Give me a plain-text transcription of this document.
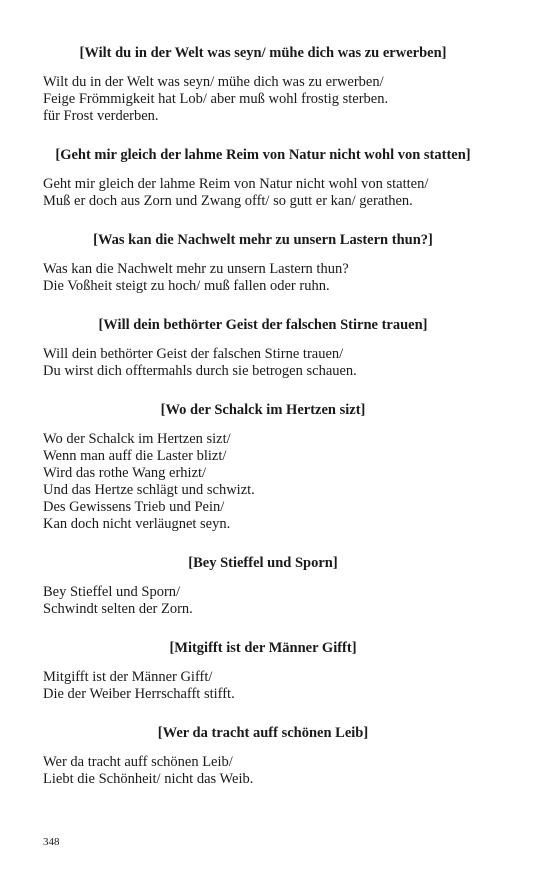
[Wilt du in der Welt was seyn/ mühe dich was zu erwerben]
Wilt du in der Welt was seyn/ mühe dich was zu erwerben/
Feige Frömmigkeit hat Lob/ aber muß wohl frostig sterben.
für Frost verderben.
[Geht mir gleich der lahme Reim von Natur nicht wohl von statten]
Geht mir gleich der lahme Reim von Natur nicht wohl von statten/
Muß er doch aus Zorn und Zwang offt/ so gutt er kan/ gerathen.
[Was kan die Nachwelt mehr zu unsern Lastern thun?]
Was kan die Nachwelt mehr zu unsern Lastern thun?
Die Voßheit steigt zu hoch/ muß fallen oder ruhn.
[Will dein bethörter Geist der falschen Stirne trauen]
Will dein bethörter Geist der falschen Stirne trauen/
Du wirst dich offtermahls durch sie betrogen schauen.
[Wo der Schalck im Hertzen sizt]
Wo der Schalck im Hertzen sizt/
Wenn man auff die Laster blizt/
Wird das rothe Wang erhizt/
Und das Hertze schlägt und schwizt.
Des Gewissens Trieb und Pein/
Kan doch nicht verläugnet seyn.
[Bey Stieffel und Sporn]
Bey Stieffel und Sporn/
Schwindt selten der Zorn.
[Mitgifft ist der Männer Gifft]
Mitgifft ist der Männer Gifft/
Die der Weiber Herrschafft stifft.
[Wer da tracht auff schönen Leib]
Wer da tracht auff schönen Leib/
Liebt die Schönheit/ nicht das Weib.
348
